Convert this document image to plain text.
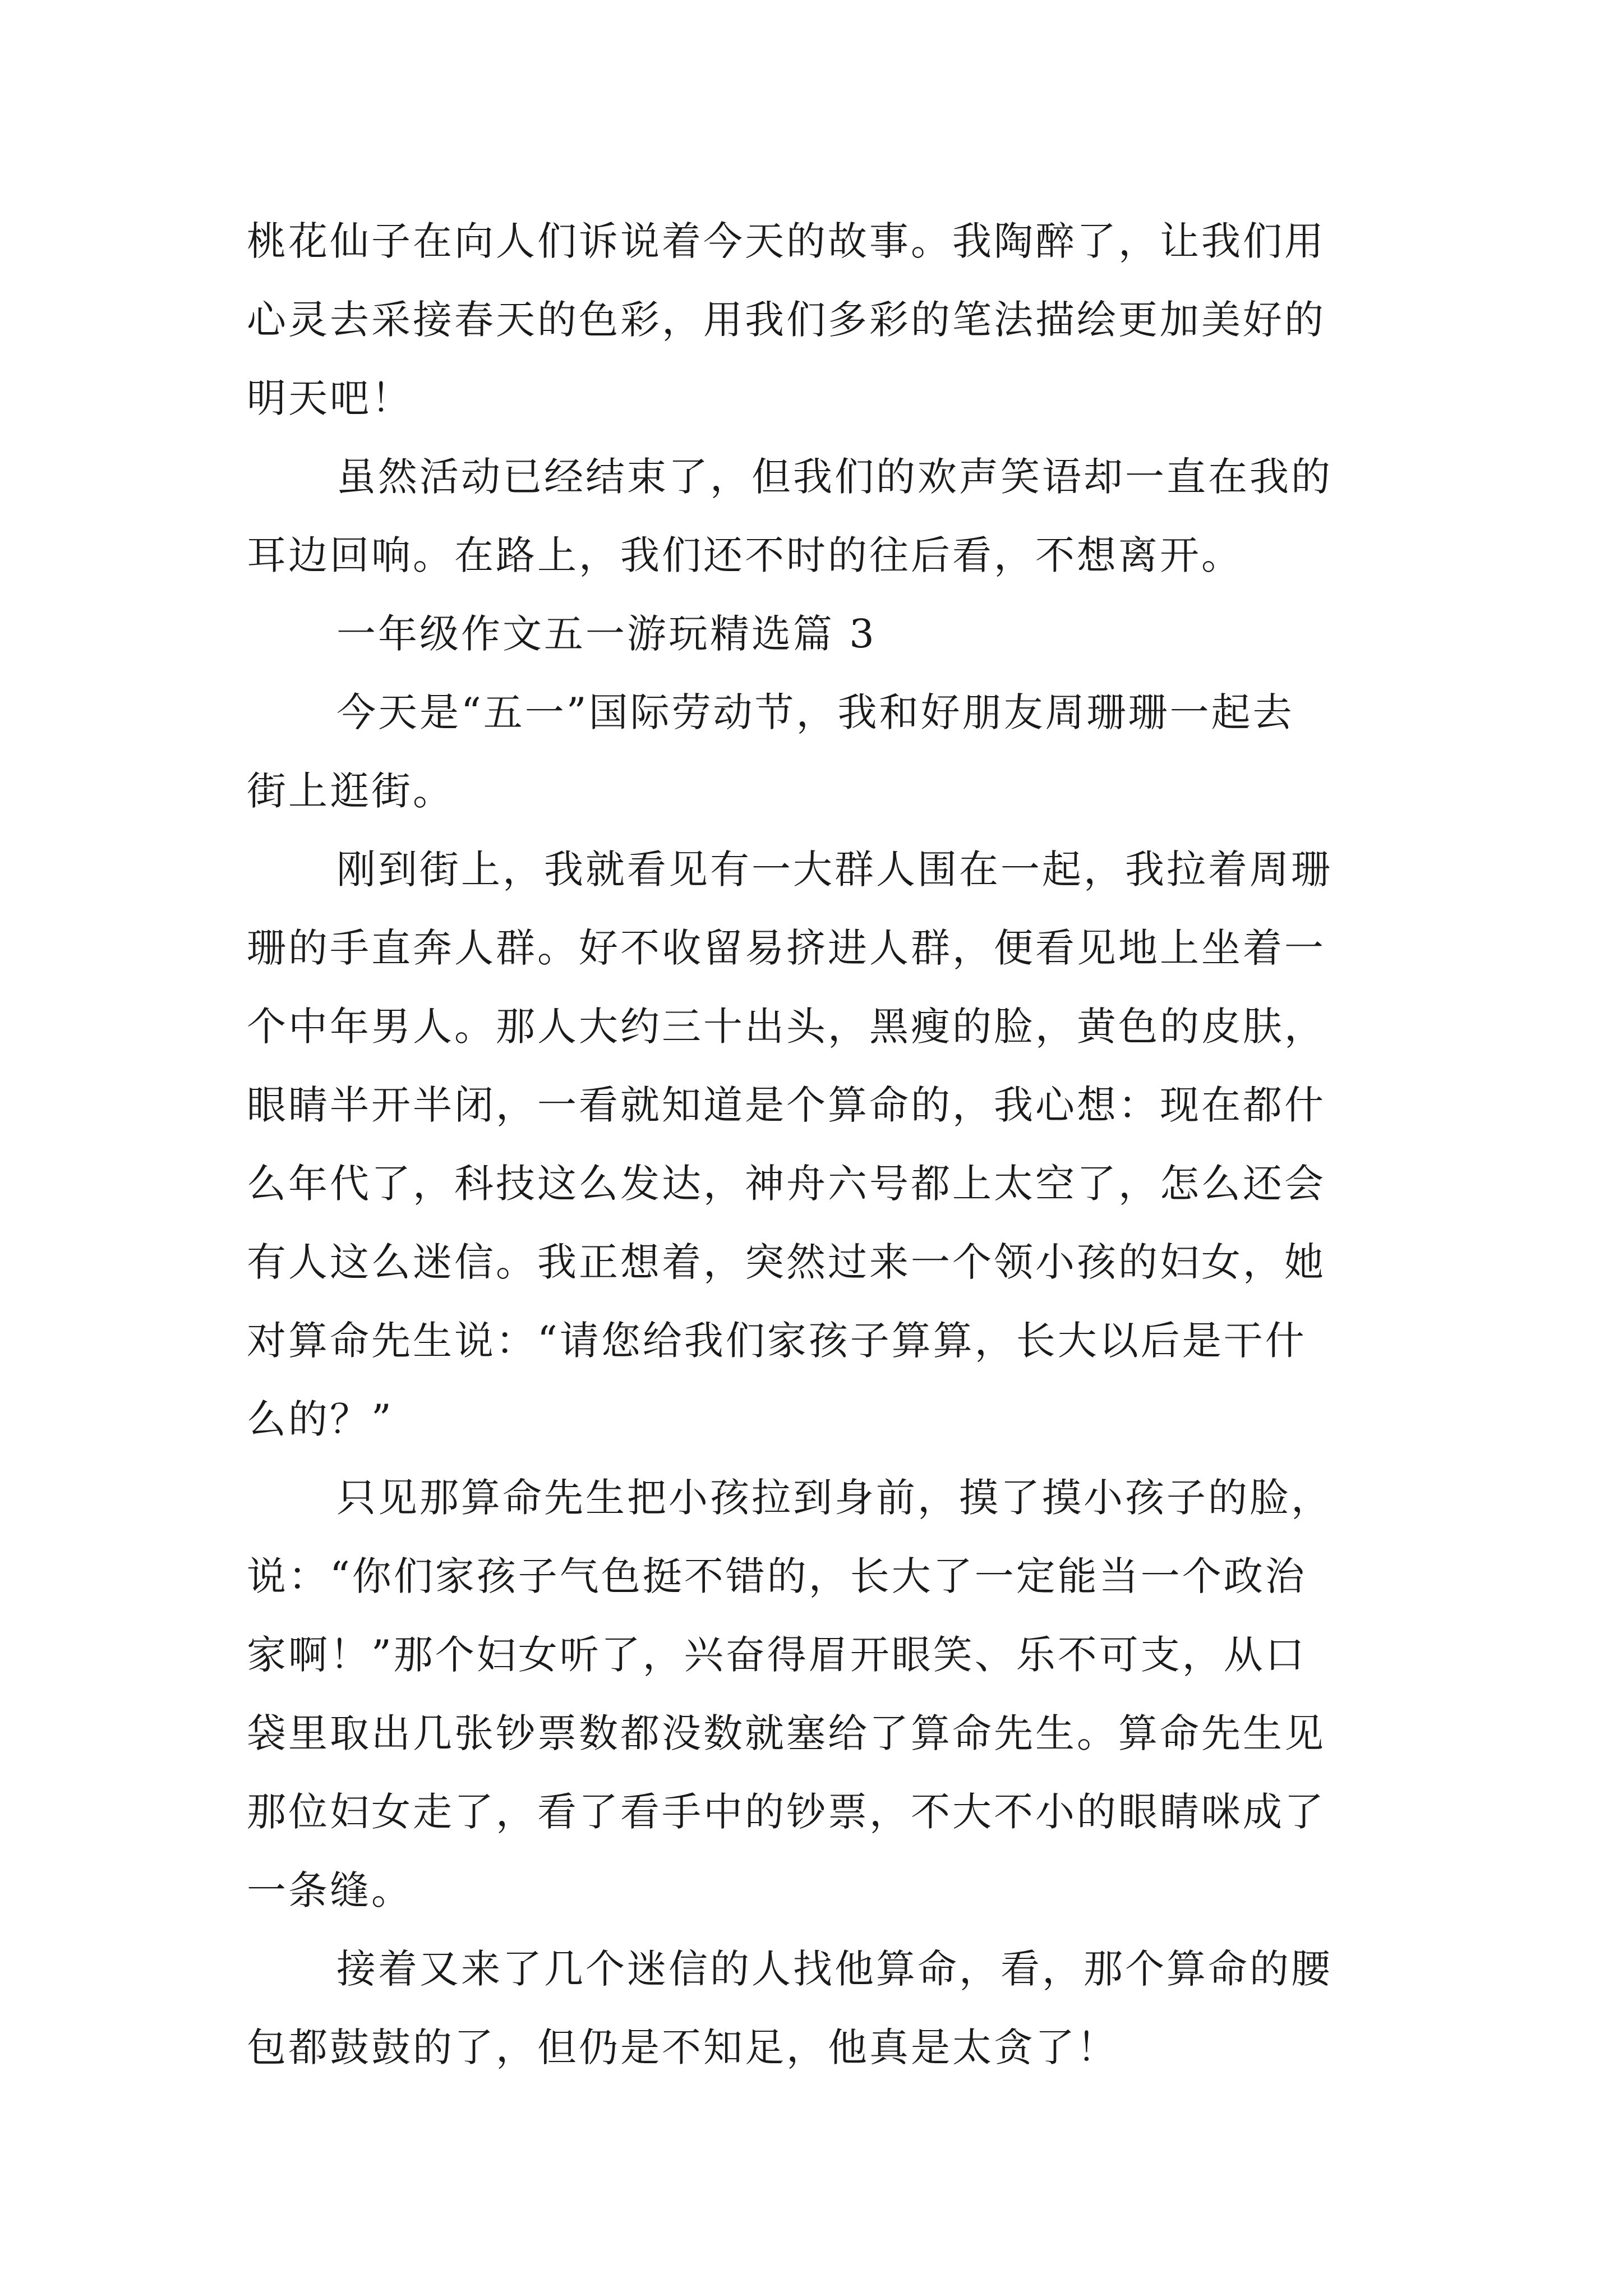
桃花仙子在向人们诉说着今天的故事。我陶醉了，让我们用
心灵去采接春天的色彩，用我们多彩的笔法描绘更加美好的
明天吧！
虽然活动已经结束了，但我们的欢声笑语却一直在我的
耳边回响。在路上，我们还不时的往后看，不想离开。
一年级作文五一游玩精选篇 3
今天是“五一”国际劳动节，我和好朋友周珊珊一起去
街上逛街。
刚到街上，我就看见有一大群人围在一起，我拉着周珊
珊的手直奔人群。好不收留易挤进人群，便看见地上坐着一
个中年男人。那人大约三十出头，黑瘦的脸，黄色的皮肤，
眼睛半开半闭，一看就知道是个算命的，我心想：现在都什
么年代了，科技这么发达，神舟六号都上太空了，怎么还会
有人这么迷信。我正想着，突然过来一个领小孩的妇女，她
对算命先生说：“请您给我们家孩子算算，长大以后是干什
么的？”
只见那算命先生把小孩拉到身前，摸了摸小孩子的脸，
说：“你们家孩子气色挺不错的，长大了一定能当一个政治
家啊！”那个妇女听了，兴奋得眉开眼笑、乐不可支，从口
袋里取出几张钞票数都没数就塞给了算命先生。算命先生见
那位妇女走了，看了看手中的钞票，不大不小的眼睛咪成了
一条缝。
接着又来了几个迷信的人找他算命，看，那个算命的腰
包都鼓鼓的了，但仍是不知足，他真是太贪了！
